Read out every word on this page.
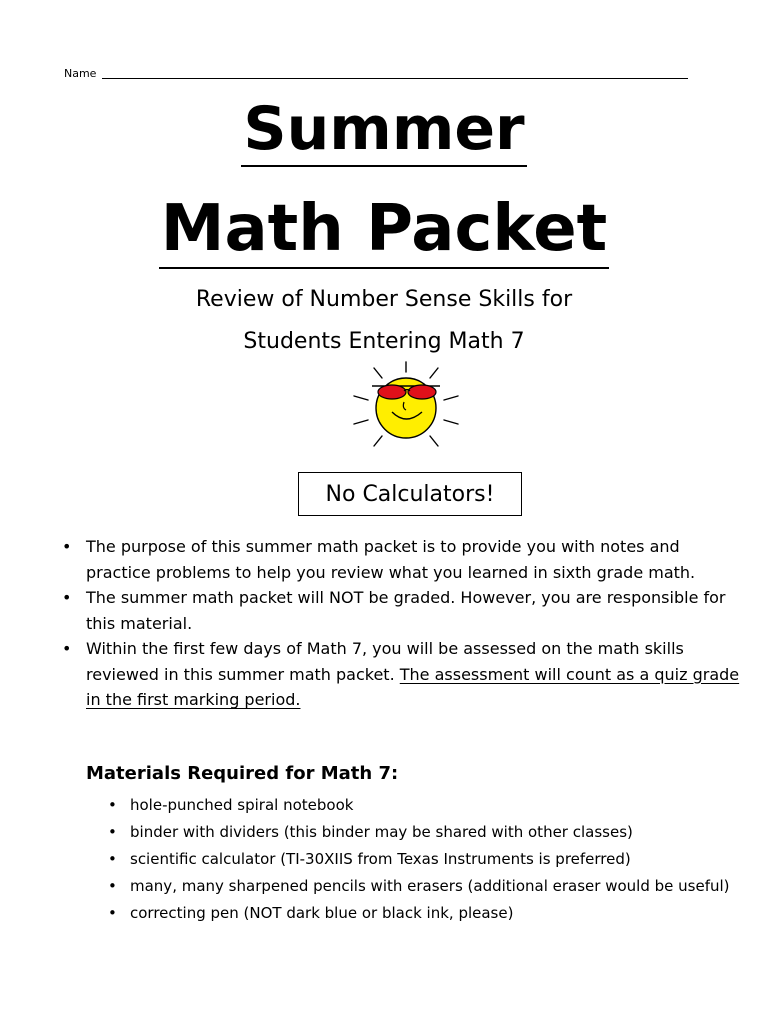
Name
Summer
Math Packet
Review of Number Sense Skills for
Students Entering Math 7
No Calculators!
• The purpose of this summer math packet is to provide you with notes and practice problems to help you review what you learned in sixth grade math.
• The summer math packet will NOT be graded. However, you are responsible for this material.
• Within the first few days of Math 7, you will be assessed on the math skills reviewed in this summer math packet. The assessment will count as a quiz grade in the first marking period.
Materials Required for Math 7:
• hole-punched spiral notebook
• binder with dividers (this binder may be shared with other classes)
• scientific calculator (TI-30XIIS from Texas Instruments is preferred)
• many, many sharpened pencils with erasers (additional eraser would be useful)
• correcting pen (NOT dark blue or black ink, please)
